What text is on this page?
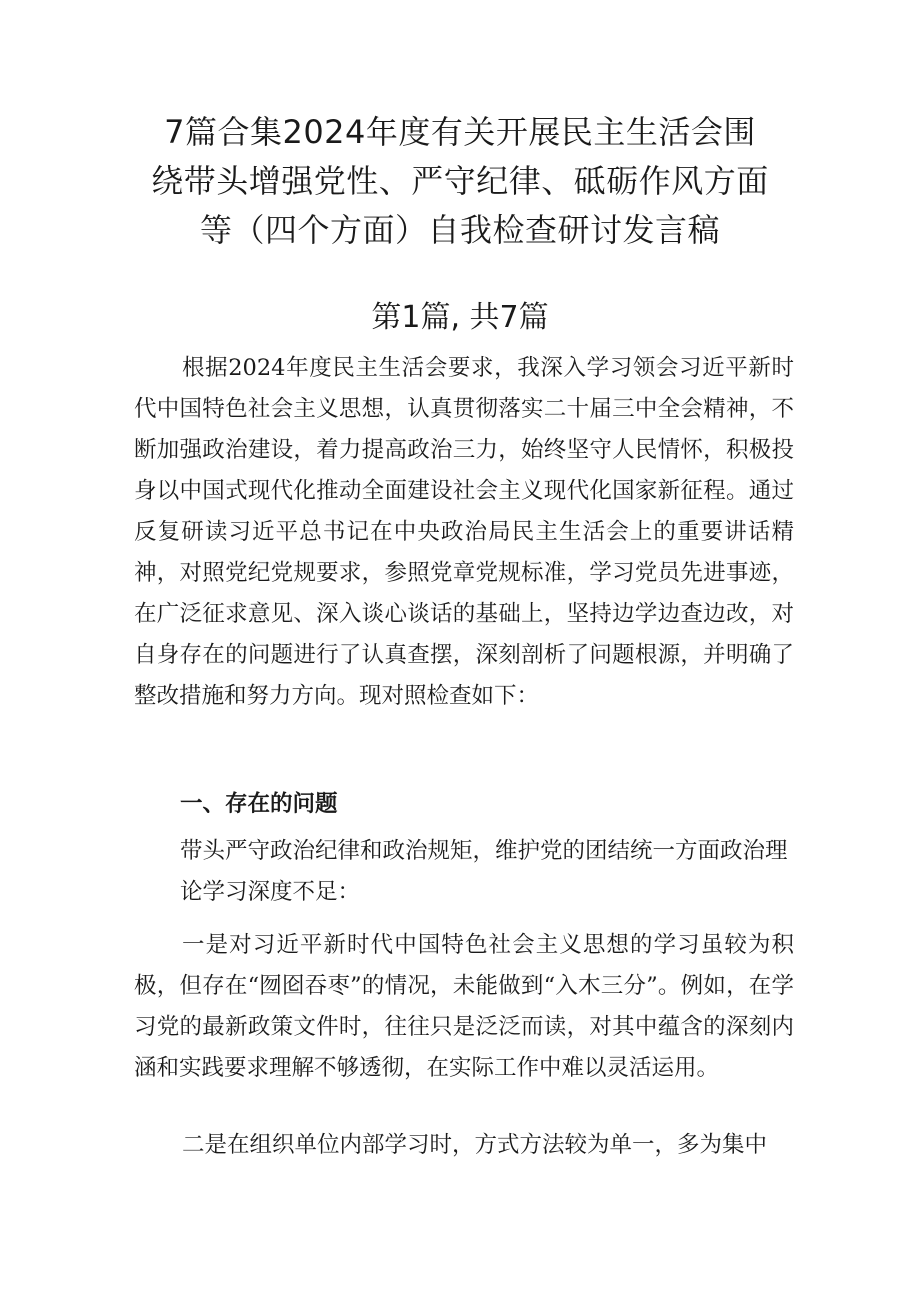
7篇合集2024年度有关开展民主生活会围
绕带头增强党性、严守纪律、砥砺作风方面
等（四个方面）自我检查研讨发言稿
第1篇, 共7篇
根据2024年度民主生活会要求，我深入学习领会习近平新时代中国特色社会主义思想，认真贯彻落实二十届三中全会精神，不断加强政治建设，着力提高政治三力，始终坚守人民情怀，积极投身以中国式现代化推动全面建设社会主义现代化国家新征程。通过反复研读习近平总书记在中央政治局民主生活会上的重要讲话精神，对照党纪党规要求，参照党章党规标准，学习党员先进事迹，在广泛征求意见、深入谈心谈话的基础上，坚持边学边查边改，对自身存在的问题进行了认真查摆，深刻剖析了问题根源，并明确了整改措施和努力方向。现对照检查如下：
一、存在的问题
带头严守政治纪律和政治规矩，维护党的团结统一方面政治理论学习深度不足：
一是对习近平新时代中国特色社会主义思想的学习虽较为积极，但存在“囫囵吞枣”的情况，未能做到“入木三分”。例如，在学习党的最新政策文件时，往往只是泛泛而读，对其中蕴含的深刻内涵和实践要求理解不够透彻，在实际工作中难以灵活运用。
二是在组织单位内部学习时，方式方法较为单一，多为集中
